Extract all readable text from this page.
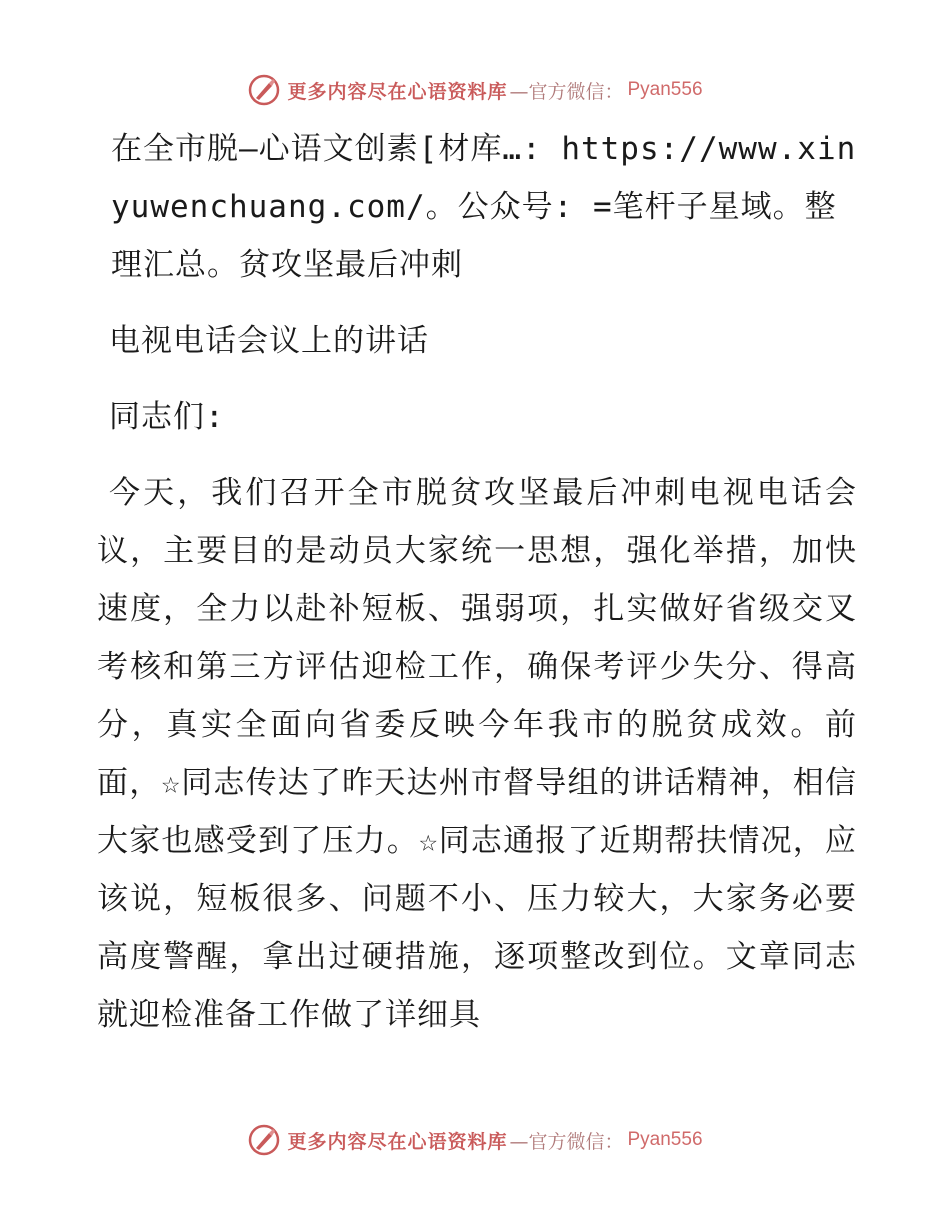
更多内容尽在心语资料库 —官方微信： Pyan556

在全市脱—心语文创素[材库…: https://www.xinyuwenchuang.com/。公众号: =笔杆子星域。整理汇总。贫攻坚最后冲刺

电视电话会议上的讲话

同志们:

今天，我们召开全市脱贫攻坚最后冲刺电视电话会议，主要目的是动员大家统一思想，强化举措，加快速度，全力以赴补短板、强弱项，扎实做好省级交叉考核和第三方评估迎检工作，确保考评少失分、得高分，真实全面向省委反映今年我市的脱贫成效。前面，☆同志传达了昨天达州市督导组的讲话精神，相信大家也感受到了压力。☆同志通报了近期帮扶情况，应该说，短板很多、问题不小、压力较大，大家务必要高度警醒，拿出过硬措施，逐项整改到位。文章同志就迎检准备工作做了详细具

更多内容尽在心语资料库 —官方微信： Pyan556
